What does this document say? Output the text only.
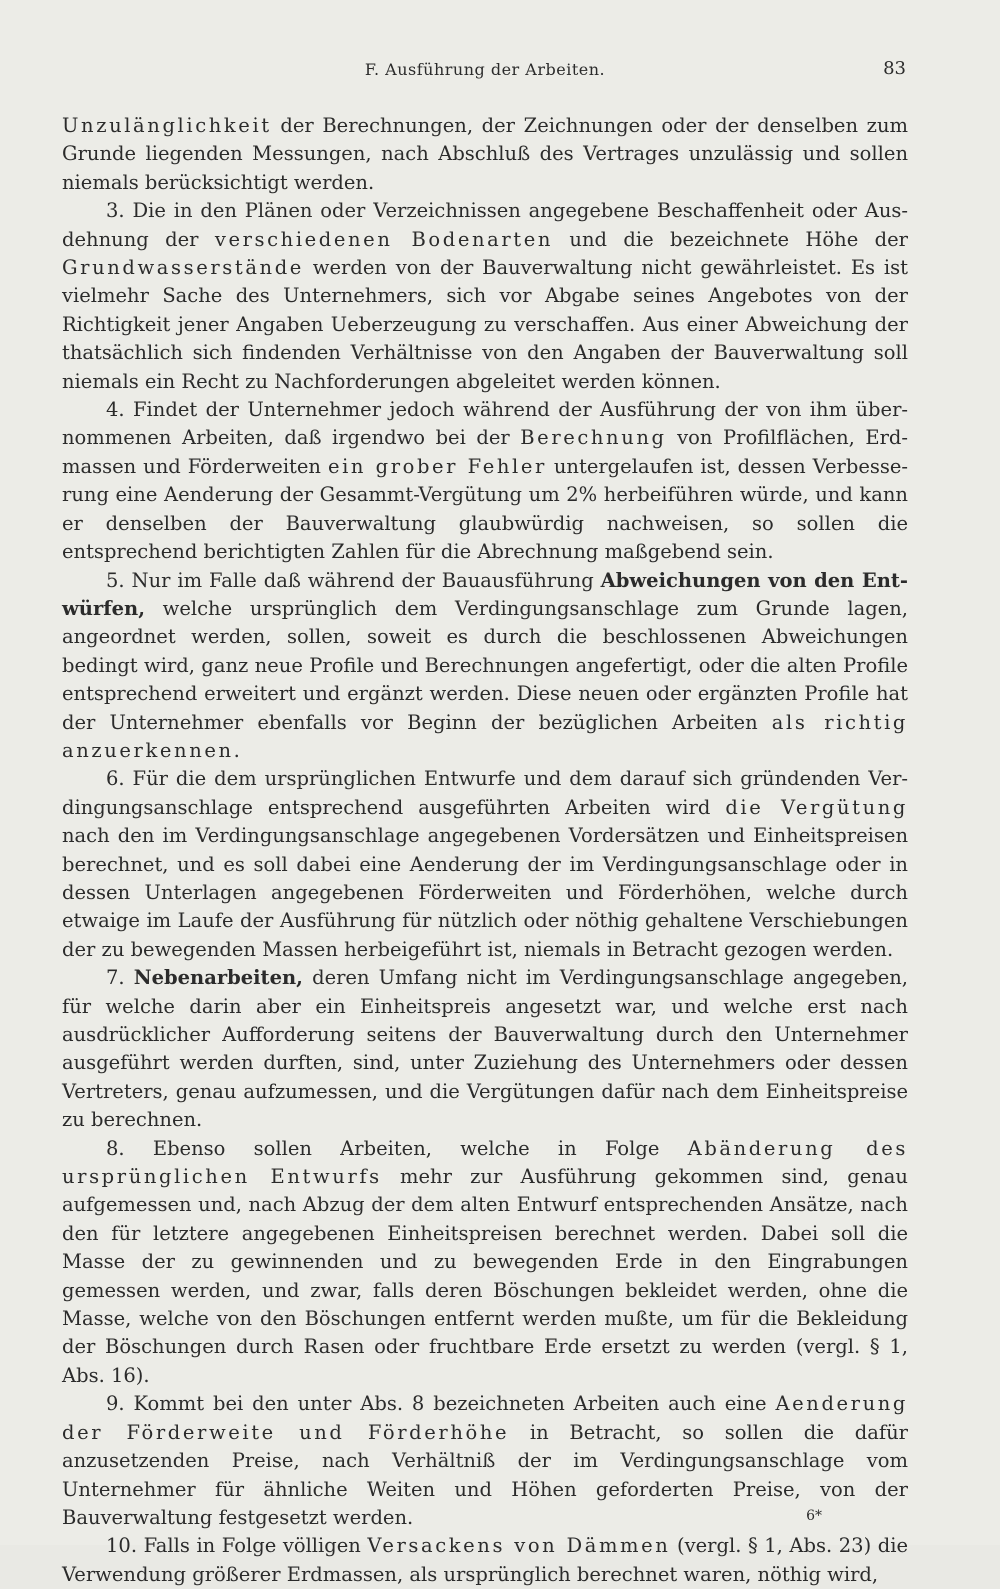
F. Ausführung der Arbeiten.	83

Unzulänglichkeit der Berechnungen, der Zeichnungen oder der denselben zum Grunde liegenden Messungen, nach Abschluß des Vertrages unzulässig und sollen niemals berücksichtigt werden.

3. Die in den Plänen oder Verzeichnissen angegebene Beschaffenheit oder Ausdehnung der verschiedenen Bodenarten und die bezeichnete Höhe der Grundwasserstände werden von der Bauverwaltung nicht gewährleistet. Es ist vielmehr Sache des Unternehmers, sich vor Abgabe seines Angebotes von der Richtigkeit jener Angaben Ueberzeugung zu verschaffen. Aus einer Abweichung der thatsächlich sich findenden Verhältnisse von den Angaben der Bauverwaltung soll niemals ein Recht zu Nachforderungen abgeleitet werden können.

4. Findet der Unternehmer jedoch während der Ausführung der von ihm übernommenen Arbeiten, daß irgendwo bei der Berechnung von Profilflächen, Erdmassen und Förderweiten ein grober Fehler untergelaufen ist, dessen Verbesserung eine Aenderung der Gesammt-Vergütung um 2% herbeiführen würde, und kann er denselben der Bauverwaltung glaubwürdig nachweisen, so sollen die entsprechend berichtigten Zahlen für die Abrechnung maßgebend sein.

5. Nur im Falle daß während der Bauausführung Abweichungen von den Entwürfen, welche ursprünglich dem Verdingungsanschlage zum Grunde lagen, angeordnet werden, sollen, soweit es durch die beschlossenen Abweichungen bedingt wird, ganz neue Profile und Berechnungen angefertigt, oder die alten Profile entsprechend erweitert und ergänzt werden. Diese neuen oder ergänzten Profile hat der Unternehmer ebenfalls vor Beginn der bezüglichen Arbeiten als richtig anzuerkennen.

6. Für die dem ursprünglichen Entwurfe und dem darauf sich gründenden Verdingungsanschlage entsprechend ausgeführten Arbeiten wird die Vergütung nach den im Verdingungsanschlage angegebenen Vordersätzen und Einheitspreisen berechnet, und es soll dabei eine Aenderung der im Verdingungsanschlage oder in dessen Unterlagen angegebenen Förderweiten und Förderhöhen, welche durch etwaige im Laufe der Ausführung für nützlich oder nöthig gehaltene Verschiebungen der zu bewegenden Massen herbeigeführt ist, niemals in Betracht gezogen werden.

7. Nebenarbeiten, deren Umfang nicht im Verdingungsanschlage angegeben, für welche darin aber ein Einheitspreis angesetzt war, und welche erst nach ausdrücklicher Aufforderung seitens der Bauverwaltung durch den Unternehmer ausgeführt werden durften, sind, unter Zuziehung des Unternehmers oder dessen Vertreters, genau aufzumessen, und die Vergütungen dafür nach dem Einheitspreise zu berechnen.

8. Ebenso sollen Arbeiten, welche in Folge Abänderung des ursprünglichen Entwurfs mehr zur Ausführung gekommen sind, genau aufgemessen und, nach Abzug der dem alten Entwurf entsprechenden Ansätze, nach den für letztere angegebenen Einheitspreisen berechnet werden. Dabei soll die Masse der zu gewinnenden und zu bewegenden Erde in den Eingrabungen gemessen werden, und zwar, falls deren Böschungen bekleidet werden, ohne die Masse, welche von den Böschungen entfernt werden mußte, um für die Bekleidung der Böschungen durch Rasen oder fruchtbare Erde ersetzt zu werden (vergl. § 1, Abs. 16).

9. Kommt bei den unter Abs. 8 bezeichneten Arbeiten auch eine Aenderung der Förderweite und Förderhöhe in Betracht, so sollen die dafür anzusetzenden Preise, nach Verhältniß der im Verdingungsanschlage vom Unternehmer für ähnliche Weiten und Höhen geforderten Preise, von der Bauverwaltung festgesetzt werden.

10. Falls in Folge völligen Versackens von Dämmen (vergl. § 1, Abs. 23) die Verwendung größerer Erdmassen, als ursprünglich berechnet waren, nöthig wird,

6*
